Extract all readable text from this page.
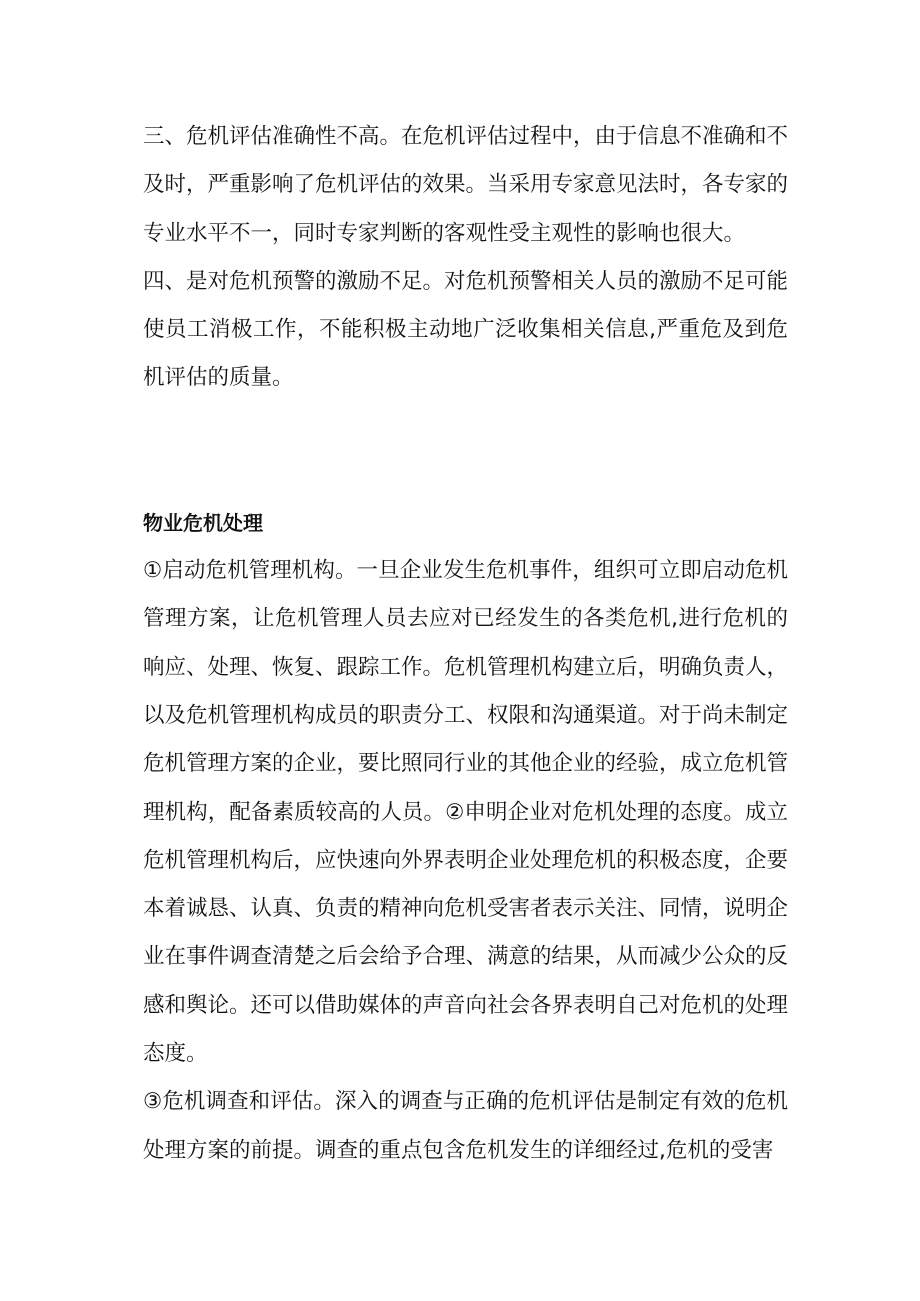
三、危机评估准确性不高。在危机评估过程中，由于信息不准确和不及时，严重影响了危机评估的效果。当采用专家意见法时，各专家的专业水平不一，同时专家判断的客观性受主观性的影响也很大。

四、是对危机预警的激励不足。对危机预警相关人员的激励不足可能使员工消极工作，不能积极主动地广泛收集相关信息,严重危及到危机评估的质量。

物业危机处理

①启动危机管理机构。一旦企业发生危机事件，组织可立即启动危机管理方案，让危机管理人员去应对已经发生的各类危机,进行危机的响应、处理、恢复、跟踪工作。危机管理机构建立后，明确负责人，以及危机管理机构成员的职责分工、权限和沟通渠道。对于尚未制定危机管理方案的企业，要比照同行业的其他企业的经验，成立危机管理机构，配备素质较高的人员。②申明企业对危机处理的态度。成立危机管理机构后，应快速向外界表明企业处理危机的积极态度，企要本着诚恳、认真、负责的精神向危机受害者表示关注、同情，说明企业在事件调查清楚之后会给予合理、满意的结果，从而减少公众的反感和舆论。还可以借助媒体的声音向社会各界表明自己对危机的处理态度。

③危机调查和评估。深入的调查与正确的危机评估是制定有效的危机处理方案的前提。调查的重点包含危机发生的详细经过,危机的受害
